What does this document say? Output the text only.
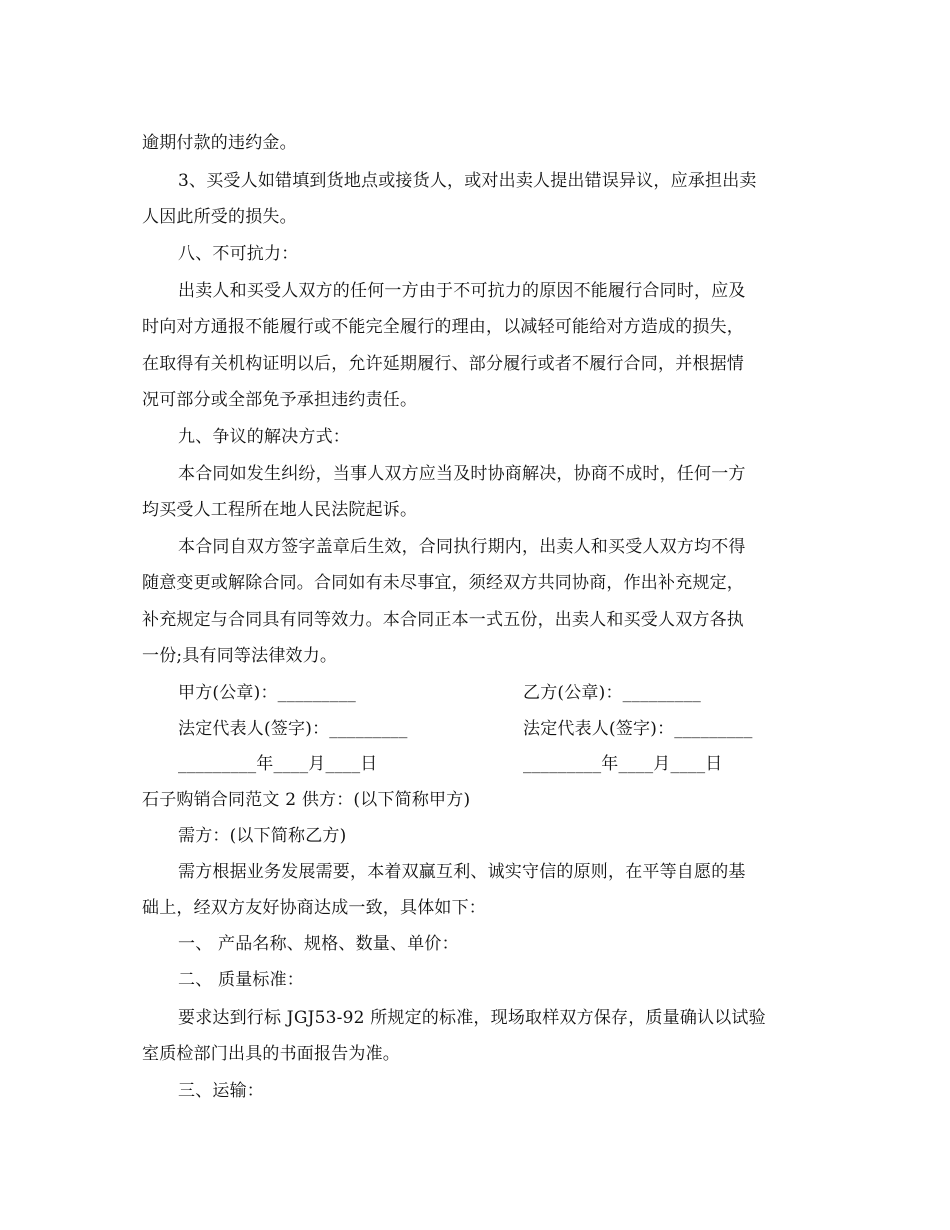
逾期付款的违约金。
3、买受人如错填到货地点或接货人，或对出卖人提出错误异议，应承担出卖
人因此所受的损失。
八、不可抗力：
出卖人和买受人双方的任何一方由于不可抗力的原因不能履行合同时，应及
时向对方通报不能履行或不能完全履行的理由，以减轻可能给对方造成的损失，
在取得有关机构证明以后，允许延期履行、部分履行或者不履行合同，并根据情
况可部分或全部免予承担违约责任。
九、争议的解决方式：
本合同如发生纠纷，当事人双方应当及时协商解决，协商不成时，任何一方
均买受人工程所在地人民法院起诉。
本合同自双方签字盖章后生效，合同执行期内，出卖人和买受人双方均不得
随意变更或解除合同。合同如有未尽事宜，须经双方共同协商，作出补充规定，
补充规定与合同具有同等效力。本合同正本一式五份，出卖人和买受人双方各执
一份;具有同等法律效力。
甲方(公章)：_________	乙方(公章)：_________
法定代表人(签字)：_________	法定代表人(签字)：_________
_________年____月____日	_________年____月____日
石子购销合同范文 2 供方：(以下简称甲方)
需方：(以下简称乙方)
需方根据业务发展需要，本着双赢互利、诚实守信的原则，在平等自愿的基
础上，经双方友好协商达成一致，具体如下：
一、 产品名称、规格、数量、单价：
二、 质量标准：
要求达到行标 JGJ53-92 所规定的标准，现场取样双方保存，质量确认以试验
室质检部门出具的书面报告为准。
三、运输：
